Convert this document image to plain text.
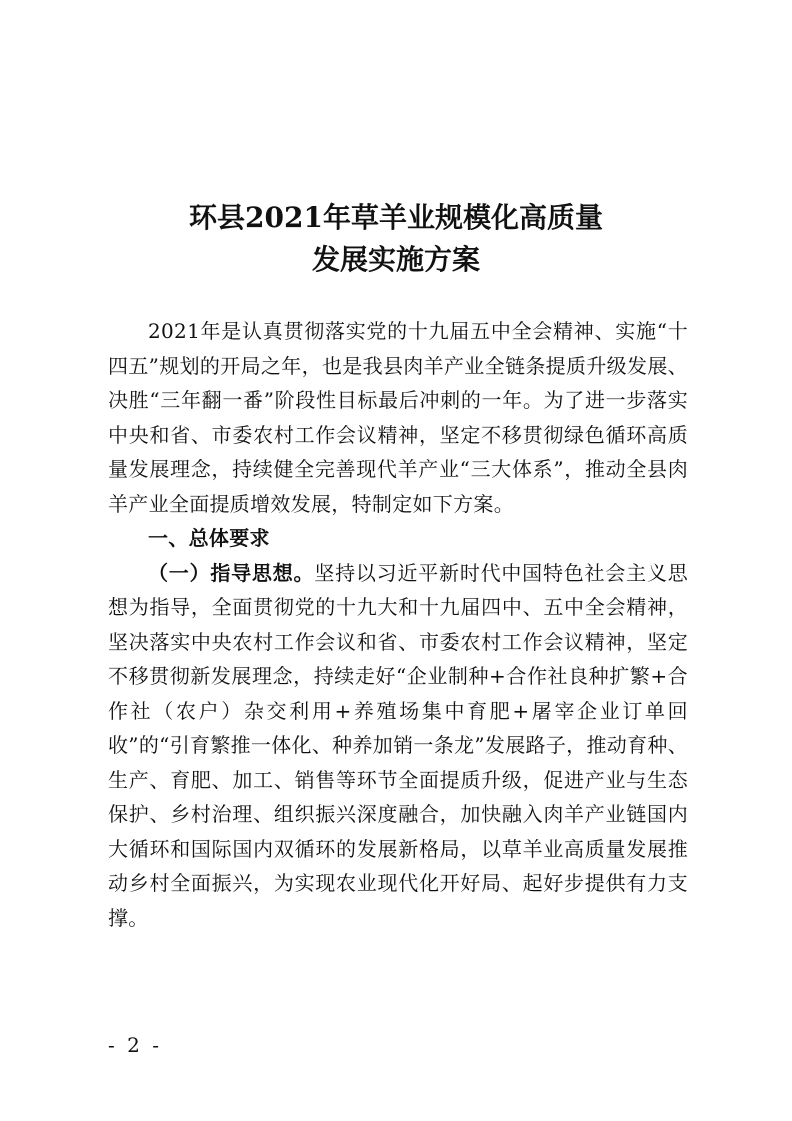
环县2021年草羊业规模化高质量
发展实施方案

2021年是认真贯彻落实党的十九届五中全会精神、实施“十四五”规划的开局之年，也是我县肉羊产业全链条提质升级发展、决胜“三年翻一番”阶段性目标最后冲刺的一年。为了进一步落实中央和省、市委农村工作会议精神，坚定不移贯彻绿色循环高质量发展理念，持续健全完善现代羊产业“三大体系”，推动全县肉羊产业全面提质增效发展，特制定如下方案。

一、总体要求

（一）指导思想。坚持以习近平新时代中国特色社会主义思想为指导，全面贯彻党的十九大和十九届四中、五中全会精神，坚决落实中央农村工作会议和省、市委农村工作会议精神，坚定不移贯彻新发展理念，持续走好“企业制种+合作社良种扩繁+合作社（农户）杂交利用+养殖场集中育肥+屠宰企业订单回收”的“引育繁推一体化、种养加销一条龙”发展路子，推动育种、生产、育肥、加工、销售等环节全面提质升级，促进产业与生态保护、乡村治理、组织振兴深度融合，加快融入肉羊产业链国内大循环和国际国内双循环的发展新格局，以草羊业高质量发展推动乡村全面振兴，为实现农业现代化开好局、起好步提供有力支撑。

- 2 -
